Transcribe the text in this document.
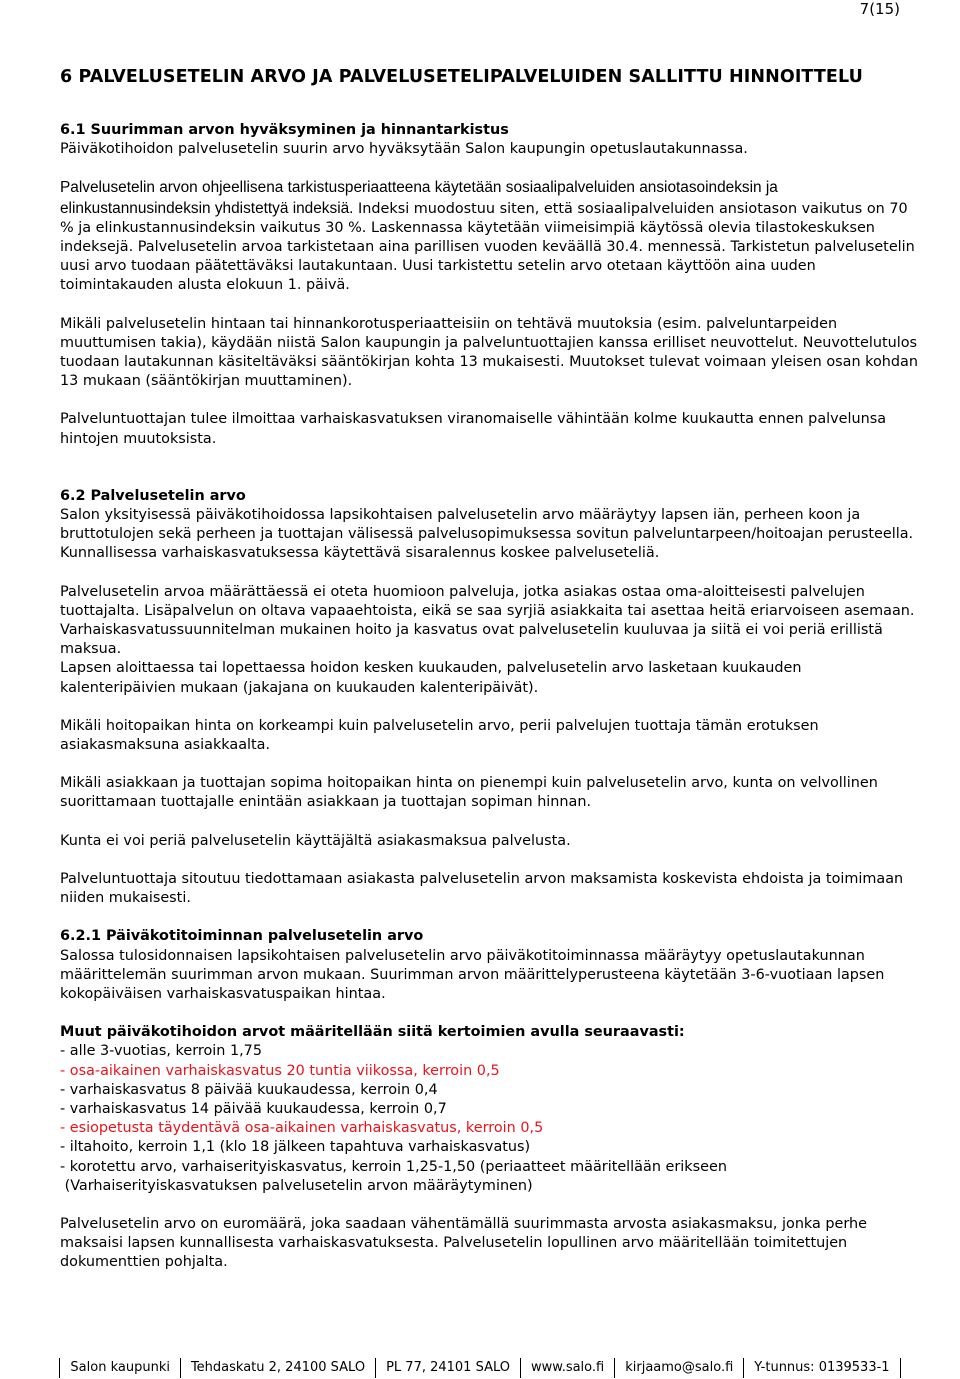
7(15)
6 PALVELUSETELIN ARVO JA PALVELUSETELIPALVELUIDEN SALLITTU HINNOITTELU
6.1 Suurimman arvon hyväksyminen ja hinnantarkistus

Päiväkotihoidon palvelusetelin suurin arvo hyväksytään Salon kaupungin opetuslautakunnassa.

Palvelusetelin arvon ohjeellisena tarkistusperiaatteena käytetään sosiaalipalveluiden ansiotasoindeksin ja elinkustannusindeksin yhdistettyä indeksiä. Indeksi muodostuu siten, että sosiaalipalveluiden ansiotason vaikutus on 70 % ja elinkustannusindeksin vaikutus 30 %. Laskennassa käytetään viimeisimpiä käytössä olevia tilastokeskuksen indeksejä. Palvelusetelin arvoa tarkistetaan aina parillisen vuoden keväällä 30.4. mennessä. Tarkistetun palvelusetelin uusi arvo tuodaan päätettäväksi lautakuntaan. Uusi tarkistettu setelin arvo otetaan käyttöön aina uuden toimintakauden alusta elokuun 1. päivä.

Mikäli palvelusetelin hintaan tai hinnankorotusperiaatteisiin on tehtävä muutoksia (esim. palveluntarpeiden muuttumisen takia), käydään niistä Salon kaupungin ja palveluntuottajien kanssa erilliset neuvottelut. Neuvottelutulos tuodaan lautakunnan käsiteltäväksi sääntökirjan kohta 13 mukaisesti. Muutokset tulevat voimaan yleisen osan kohdan 13 mukaan (sääntökirjan muuttaminen).

Palveluntuottajan tulee ilmoittaa varhaiskasvatuksen viranomaiselle vähintään kolme kuukautta ennen palvelunsa hintojen muutoksista.

6.2 Palvelusetelin arvo

Salon yksityisessä päiväkotihoidossa lapsikohtaisen palvelusetelin arvo määräytyy lapsen iän, perheen koon ja bruttotulojen sekä perheen ja tuottajan välisessä palvelusopimuksessa sovitun palveluntarpeen/hoitoajan perusteella. Kunnallisessa varhaiskasvatuksessa käytettävä sisaralennus koskee palveluseteliä.

Palvelusetelin arvoa määrättäessä ei oteta huomioon palveluja, jotka asiakas ostaa oma-aloitteisesti palvelujen tuottajalta. Lisäpalvelun on oltava vapaaehtoista, eikä se saa syrjiä asiakkaita tai asettaa heitä eriarvoiseen asemaan. Varhaiskasvatussuunnitelman mukainen hoito ja kasvatus ovat palvelusetelin kuuluvaa ja siitä ei voi periä erillistä maksua.

Lapsen aloittaessa tai lopettaessa hoidon kesken kuukauden, palvelusetelin arvo lasketaan kuukauden kalenteripäivien mukaan (jakajana on kuukauden kalenteripäivät).

Mikäli hoitopaikan hinta on korkeampi kuin palvelusetelin arvo, perii palvelujen tuottaja tämän erotuksen asiakasmaksuna asiakkaalta.

Mikäli asiakkaan ja tuottajan sopima hoitopaikan hinta on pienempi kuin palvelusetelin arvo, kunta on velvollinen suorittamaan tuottajalle enintään asiakkaan ja tuottajan sopiman hinnan.

Kunta ei voi periä palvelusetelin käyttäjältä asiakasmaksua palvelusta.

Palveluntuottaja sitoutuu tiedottamaan asiakasta palvelusetelin arvon maksamista koskevista ehdoista ja toimimaan niiden mukaisesti.

6.2.1 Päiväkotitoiminnan palvelusetelin arvo

Salossa tulosidonnaisen lapsikohtaisen palvelusetelin arvo päiväkotitoiminnassa määräytyy opetuslautakunnan määrittelemän suurimman arvon mukaan. Suurimman arvon määrittelyperusteena käytetään 3-6-vuotiaan lapsen kokopäiväisen varhaiskasvatuspaikan hintaa.

Muut päiväkotihoidon arvot määritellään siitä kertoimien avulla seuraavasti:
- alle 3-vuotias, kerroin 1,75
- osa-aikainen varhaiskasvatus 20 tuntia viikossa, kerroin 0,5
- varhaiskasvatus 8 päivää kuukaudessa, kerroin 0,4
- varhaiskasvatus 14 päivää kuukaudessa, kerroin 0,7
- esiopetusta täydentävä osa-aikainen varhaiskasvatus, kerroin 0,5
- iltahoito, kerroin 1,1 (klo 18 jälkeen tapahtuva varhaiskasvatus)
- korotettu arvo, varhaiserityiskasvatus, kerroin 1,25-1,50 (periaatteet määritellään erikseen
(Varhaiserityiskasvatuksen palvelusetelin arvon määräytyminen)

Palvelusetelin arvo on euromäärä, joka saadaan vähentämällä suurimmasta arvosta asiakasmaksu, jonka perhe maksaisi lapsen kunnallisesta varhaiskasvatuksesta. Palvelusetelin lopullinen arvo määritellään toimitettujen dokumenttien pohjalta.

Salon kaupunki Tehdaskatu 2, 24100 SALO PL 77, 24101 SALO www.salo.fi kirjaamo@salo.fi Y-tunnus: 0139533-1
